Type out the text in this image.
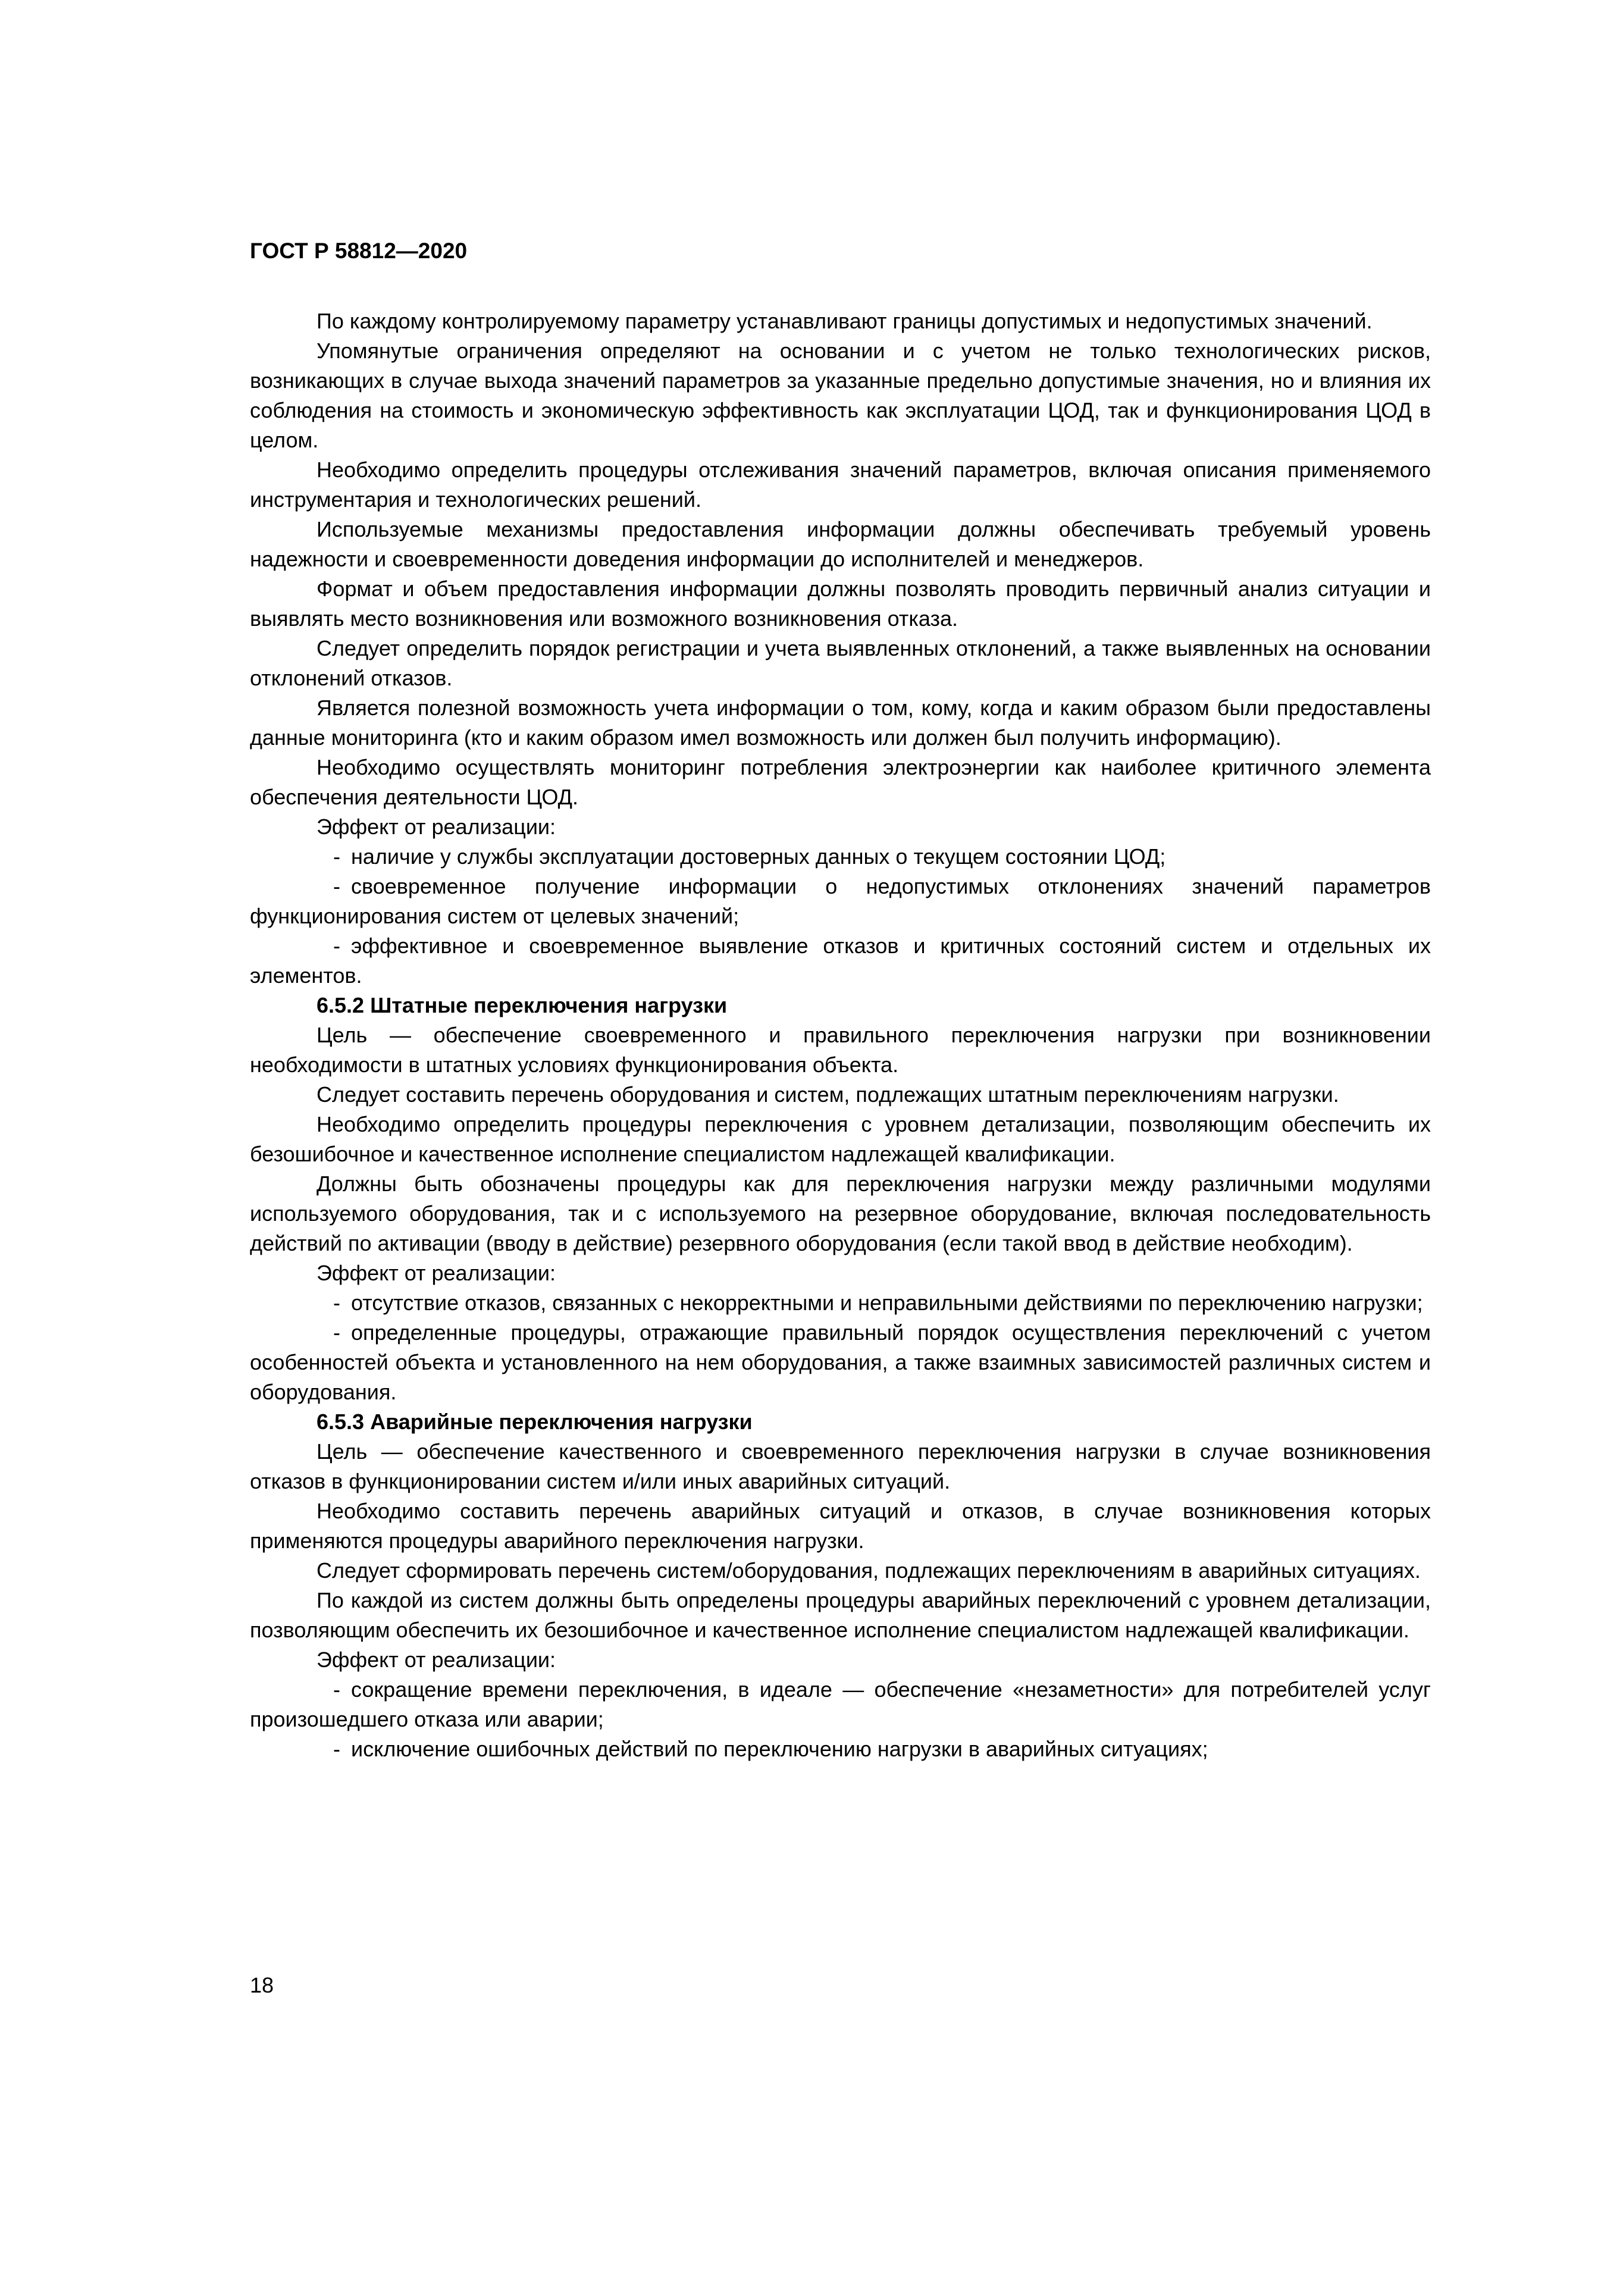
ГОСТ Р 58812—2020

По каждому контролируемому параметру устанавливают границы допустимых и недопустимых значений.

Упомянутые ограничения определяют на основании и с учетом не только технологических рисков, возникающих в случае выхода значений параметров за указанные предельно допустимые значения, но и влияния их соблюдения на стоимость и экономическую эффективность как эксплуатации ЦОД, так и функционирования ЦОД в целом.

Необходимо определить процедуры отслеживания значений параметров, включая описания применяемого инструментария и технологических решений.

Используемые механизмы предоставления информации должны обеспечивать требуемый уровень надежности и своевременности доведения информации до исполнителей и менеджеров.

Формат и объем предоставления информации должны позволять проводить первичный анализ ситуации и выявлять место возникновения или возможного возникновения отказа.

Следует определить порядок регистрации и учета выявленных отклонений, а также выявленных на основании отклонений отказов.

Является полезной возможность учета информации о том, кому, когда и каким образом были предоставлены данные мониторинга (кто и каким образом имел возможность или должен был получить информацию).

Необходимо осуществлять мониторинг потребления электроэнергии как наиболее критичного элемента обеспечения деятельности ЦОД.

Эффект от реализации:

- наличие у службы эксплуатации достоверных данных о текущем состоянии ЦОД;

- своевременное получение информации о недопустимых отклонениях значений параметров функционирования систем от целевых значений;

- эффективное и своевременное выявление отказов и критичных состояний систем и отдельных их элементов.

6.5.2 Штатные переключения нагрузки

Цель — обеспечение своевременного и правильного переключения нагрузки при возникновении необходимости в штатных условиях функционирования объекта.

Следует составить перечень оборудования и систем, подлежащих штатным переключениям нагрузки.

Необходимо определить процедуры переключения с уровнем детализации, позволяющим обеспечить их безошибочное и качественное исполнение специалистом надлежащей квалификации.

Должны быть обозначены процедуры как для переключения нагрузки между различными модулями используемого оборудования, так и с используемого на резервное оборудование, включая последовательность действий по активации (вводу в действие) резервного оборудования (если такой ввод в действие необходим).

Эффект от реализации:

- отсутствие отказов, связанных с некорректными и неправильными действиями по переключению нагрузки;

- определенные процедуры, отражающие правильный порядок осуществления переключений с учетом особенностей объекта и установленного на нем оборудования, а также взаимных зависимостей различных систем и оборудования.

6.5.3 Аварийные переключения нагрузки

Цель — обеспечение качественного и своевременного переключения нагрузки в случае возникновения отказов в функционировании систем и/или иных аварийных ситуаций.

Необходимо составить перечень аварийных ситуаций и отказов, в случае возникновения которых применяются процедуры аварийного переключения нагрузки.

Следует сформировать перечень систем/оборудования, подлежащих переключениям в аварийных ситуациях.

По каждой из систем должны быть определены процедуры аварийных переключений с уровнем детализации, позволяющим обеспечить их безошибочное и качественное исполнение специалистом надлежащей квалификации.

Эффект от реализации:

- сокращение времени переключения, в идеале — обеспечение «незаметности» для потребителей услуг произошедшего отказа или аварии;

- исключение ошибочных действий по переключению нагрузки в аварийных ситуациях;

18
